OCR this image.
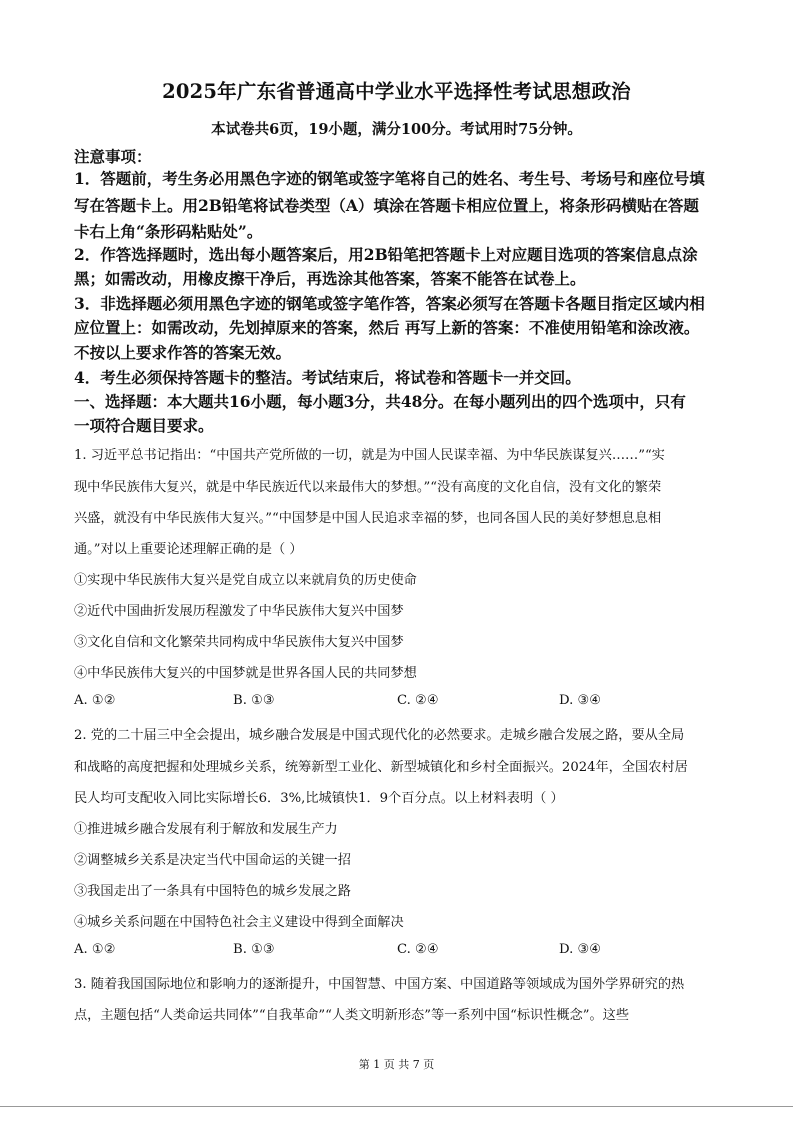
2025年广东省普通高中学业水平选择性考试思想政治
本试卷共6页，19小题，满分100分。考试用时75分钟。
注意事项：
1．答题前，考生务必用黑色字迹的钢笔或签字笔将自己的姓名、考生号、考场号和座位号填
写在答题卡上。用2B铅笔将试卷类型（A）填涂在答题卡相应位置上，将条形码横贴在答题
卡右上角“条形码粘贴处”。
2．作答选择题时，选出每小题答案后，用2B铅笔把答题卡上对应题目选项的答案信息点涂
黑；如需改动，用橡皮擦干净后，再选涂其他答案，答案不能答在试卷上。
3．非选择题必须用黑色字迹的钢笔或签字笔作答，答案必须写在答题卡各题目指定区域内相
应位置上：如需改动，先划掉原来的答案，然后 再写上新的答案：不准使用铅笔和涂改液。
不按以上要求作答的答案无效。
4．考生必须保持答题卡的整洁。考试结束后，将试卷和答题卡一并交回。
一、选择题：本大题共16小题，每小题3分，共48分。在每小题列出的四个选项中，只有
一项符合题目要求。
1. 习近平总书记指出：“中国共产党所做的一切，就是为中国人民谋幸福、为中华民族谋复兴……”“实
现中华民族伟大复兴，就是中华民族近代以来最伟大的梦想。”“没有高度的文化自信，没有文化的繁荣
兴盛，就没有中华民族伟大复兴。”“中国梦是中国人民追求幸福的梦，也同各国人民的美好梦想息息相
通。”对以上重要论述理解正确的是（ ）
①实现中华民族伟大复兴是党自成立以来就肩负的历史使命
②近代中国曲折发展历程激发了中华民族伟大复兴中国梦
③文化自信和文化繁荣共同构成中华民族伟大复兴中国梦
④中华民族伟大复兴的中国梦就是世界各国人民的共同梦想
A. ①②	B. ①③	C. ②④	D. ③④
2. 党的二十届三中全会提出，城乡融合发展是中国式现代化的必然要求。走城乡融合发展之路，要从全局
和战略的高度把握和处理城乡关系，统筹新型工业化、新型城镇化和乡村全面振兴。2024年，全国农村居
民人均可支配收入同比实际增长6．3%,比城镇快1．9个百分点。以上材料表明（ ）
①推进城乡融合发展有利于解放和发展生产力
②调整城乡关系是决定当代中国命运的关键一招
③我国走出了一条具有中国特色的城乡发展之路
④城乡关系问题在中国特色社会主义建设中得到全面解决
A. ①②	B. ①③	C. ②④	D. ③④
3. 随着我国国际地位和影响力的逐渐提升，中国智慧、中国方案、中国道路等领域成为国外学界研究的热
点，主题包括“人类命运共同体”“自我革命”“人类文明新形态”等一系列中国“标识性概念”。这些
第 1 页 共 7 页
